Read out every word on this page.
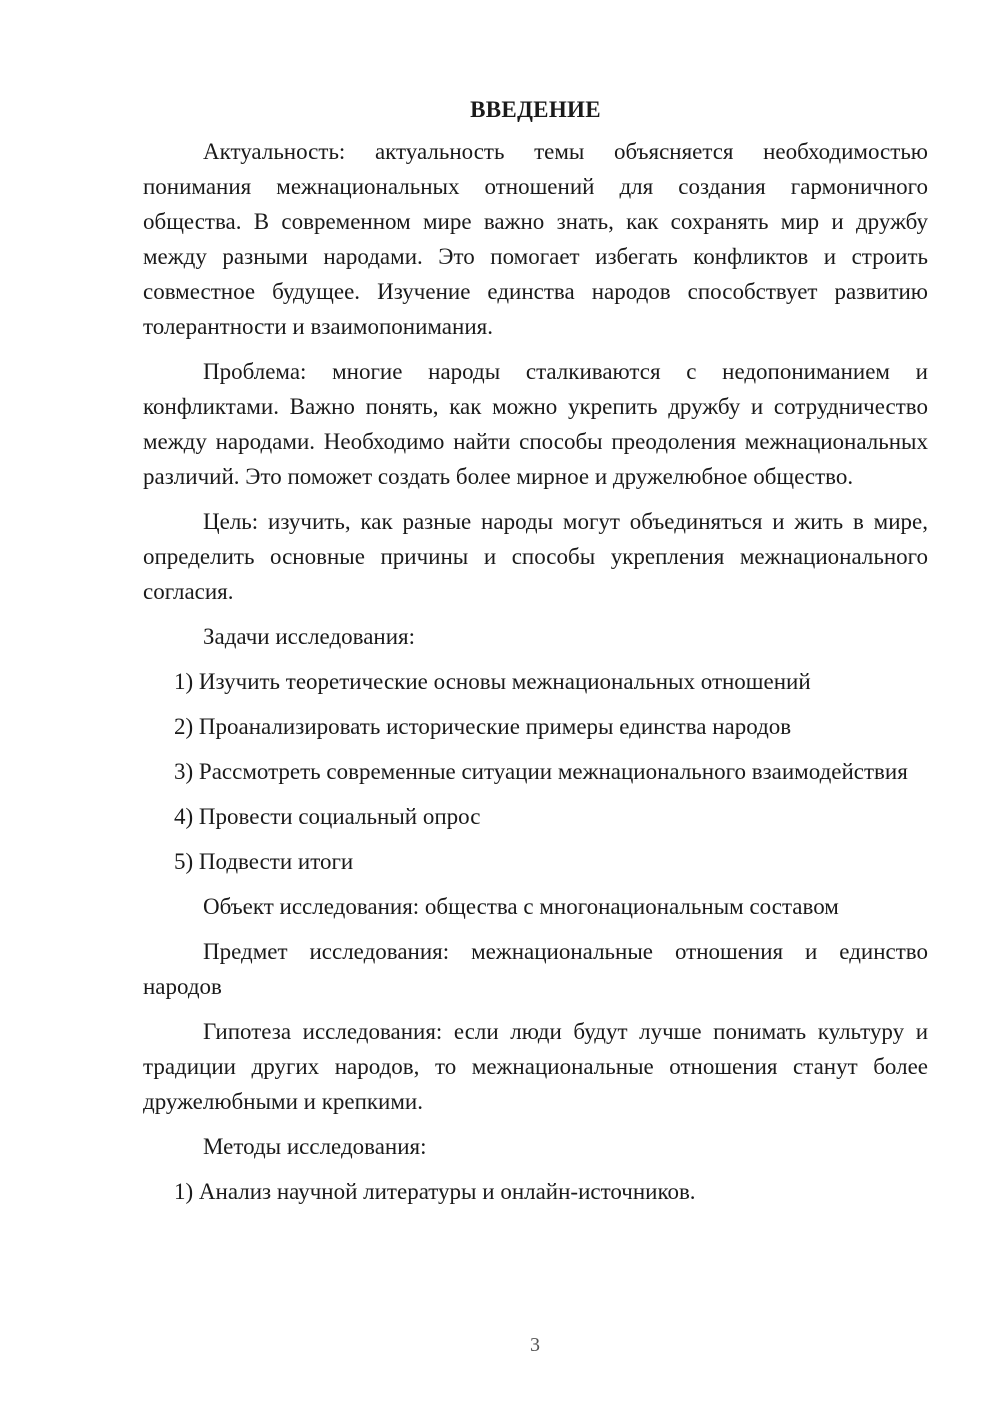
ВВЕДЕНИЕ

Актуальность: актуальность темы объясняется необходимостью понимания межнациональных отношений для создания гармоничного общества. В современном мире важно знать, как сохранять мир и дружбу между разными народами. Это помогает избегать конфликтов и строить совместное будущее. Изучение единства народов способствует развитию толерантности и взаимопонимания.

Проблема: многие народы сталкиваются с недопониманием и конфликтами. Важно понять, как можно укрепить дружбу и сотрудничество между народами. Необходимо найти способы преодоления межнациональных различий. Это поможет создать более мирное и дружелюбное общество.

Цель: изучить, как разные народы могут объединяться и жить в мире, определить основные причины и способы укрепления межнационального согласия.

Задачи исследования:

1) Изучить теоретические основы межнациональных отношений

2) Проанализировать исторические примеры единства народов

3) Рассмотреть современные ситуации межнационального взаимодействия

4) Провести социальный опрос

5) Подвести итоги

Объект исследования: общества с многонациональным составом

Предмет исследования: межнациональные отношения и единство народов

Гипотеза исследования: если люди будут лучше понимать культуру и традиции других народов, то межнациональные отношения станут более дружелюбными и крепкими.

Методы исследования:

1) Анализ научной литературы и онлайн-источников.

3
